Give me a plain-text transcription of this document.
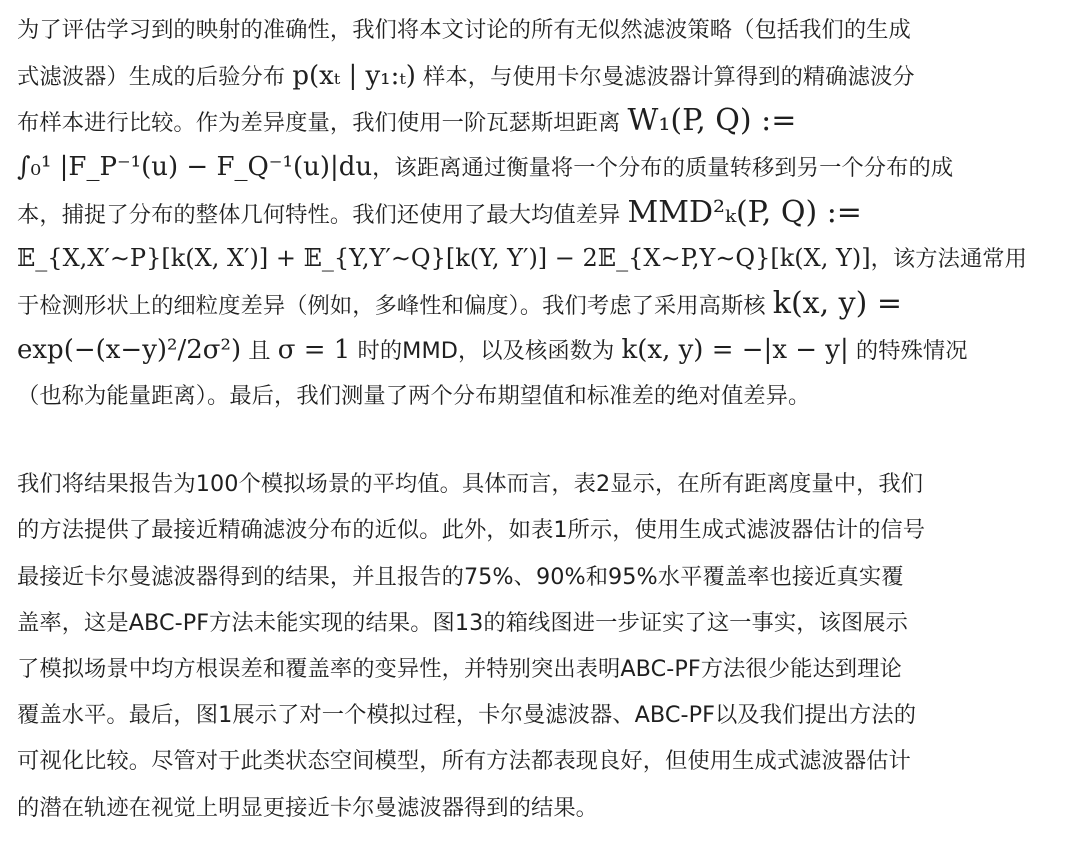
为了评估学习到的映射的准确性，我们将本文讨论的所有无似然滤波策略（包括我们的生成
式滤波器）生成的后验分布 p(xₜ | y₁:ₜ) 样本，与使用卡尔曼滤波器计算得到的精确滤波分
布样本进行比较。作为差异度量，我们使用一阶瓦瑟斯坦距离 W₁(P, Q) :=
∫₀¹ |F_P⁻¹(u) − F_Q⁻¹(u)|du，该距离通过衡量将一个分布的质量转移到另一个分布的成
本，捕捉了分布的整体几何特性。我们还使用了最大均值差异 MMD²ₖ(P, Q) :=
𝔼_{X,X′∼P}[k(X, X′)] + 𝔼_{Y,Y′∼Q}[k(Y, Y′)] − 2𝔼_{X∼P,Y∼Q}[k(X, Y)]，该方法通常用
于检测形状上的细粒度差异（例如，多峰性和偏度）。我们考虑了采用高斯核 k(x, y) =
exp(−(x−y)²/2σ²) 且 σ = 1 时的MMD，以及核函数为 k(x, y) = −|x − y| 的特殊情况
（也称为能量距离）。最后，我们测量了两个分布期望值和标准差的绝对值差异。
我们将结果报告为100个模拟场景的平均值。具体而言，表2显示，在所有距离度量中，我们
的方法提供了最接近精确滤波分布的近似。此外，如表1所示，使用生成式滤波器估计的信号
最接近卡尔曼滤波器得到的结果，并且报告的75%、90%和95%水平覆盖率也接近真实覆
盖率，这是ABC-PF方法未能实现的结果。图13的箱线图进一步证实了这一事实，该图展示
了模拟场景中均方根误差和覆盖率的变异性，并特别突出表明ABC-PF方法很少能达到理论
覆盖水平。最后，图1展示了对一个模拟过程，卡尔曼滤波器、ABC-PF以及我们提出方法的
可视化比较。尽管对于此类状态空间模型，所有方法都表现良好，但使用生成式滤波器估计
的潜在轨迹在视觉上明显更接近卡尔曼滤波器得到的结果。
